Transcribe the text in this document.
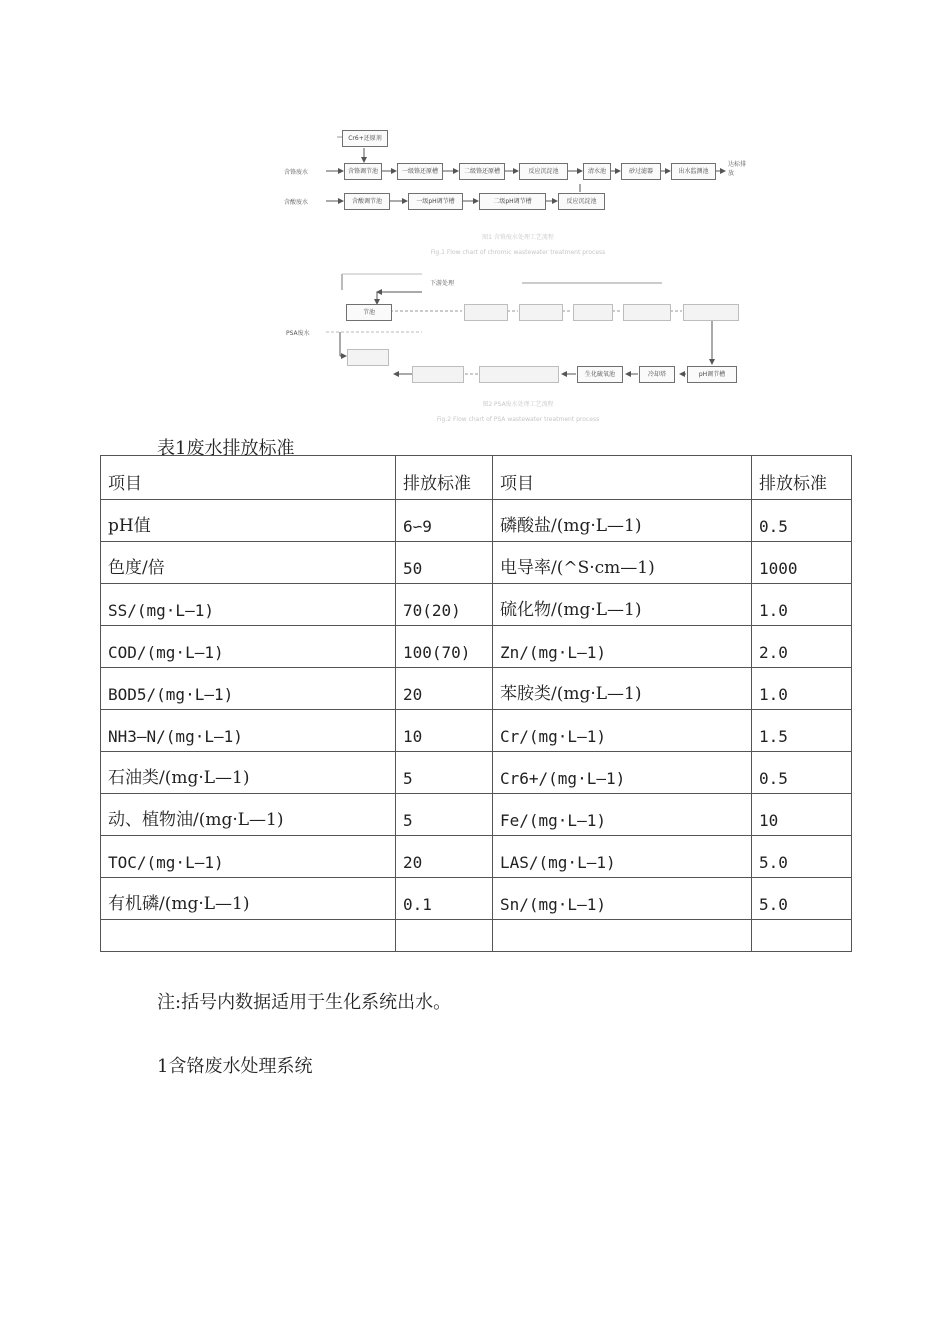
Cr6+还原剂
含铬废水	含铬调节池	一级铬还原槽	二级铬还原槽	反应沉淀池	清水池	砂过滤器	出水监测池
达标排放
含酸废水	含酸调节池	一级pH调节槽	二级pH调节槽	反应沉淀池
图1 含铬废水处理工艺流程
Fig.1 Flow chart of chromic wastewater treatment process
下游处理
PSA废水
节池
生化硫氧池	冷却塔	pH调节槽
图2 PSA废水处理工艺流程
Fig.2 Flow chart of PSA wastewater treatment process
表1废水排放标准
项目	排放标准	项目	排放标准
pH值	6∽9	磷酸盐/(mg·L—1)	0.5
色度/倍	50	电导率/(^S·cm—1)	1000
SS/(mg·L—1)	70(20)	硫化物/(mg·L—1)	1.0
COD/(mg·L—1)	100(70)	Zn/(mg·L—1)	2.0
BOD5/(mg·L—1)	20	苯胺类/(mg·L—1)	1.0
NH3—N/(mg·L—1)	10	Cr/(mg·L—1)	1.5
石油类/(mg·L—1)	5	Cr6+/(mg·L—1)	0.5
动、植物油/(mg·L—1)	5	Fe/(mg·L—1)	10
TOC/(mg·L—1)	20	LAS/(mg·L—1)	5.0
有机磷/(mg·L—1)	0.1	Sn/(mg·L—1)	5.0

注:括号内数据适用于生化系统出水。
1含铬废水处理系统
